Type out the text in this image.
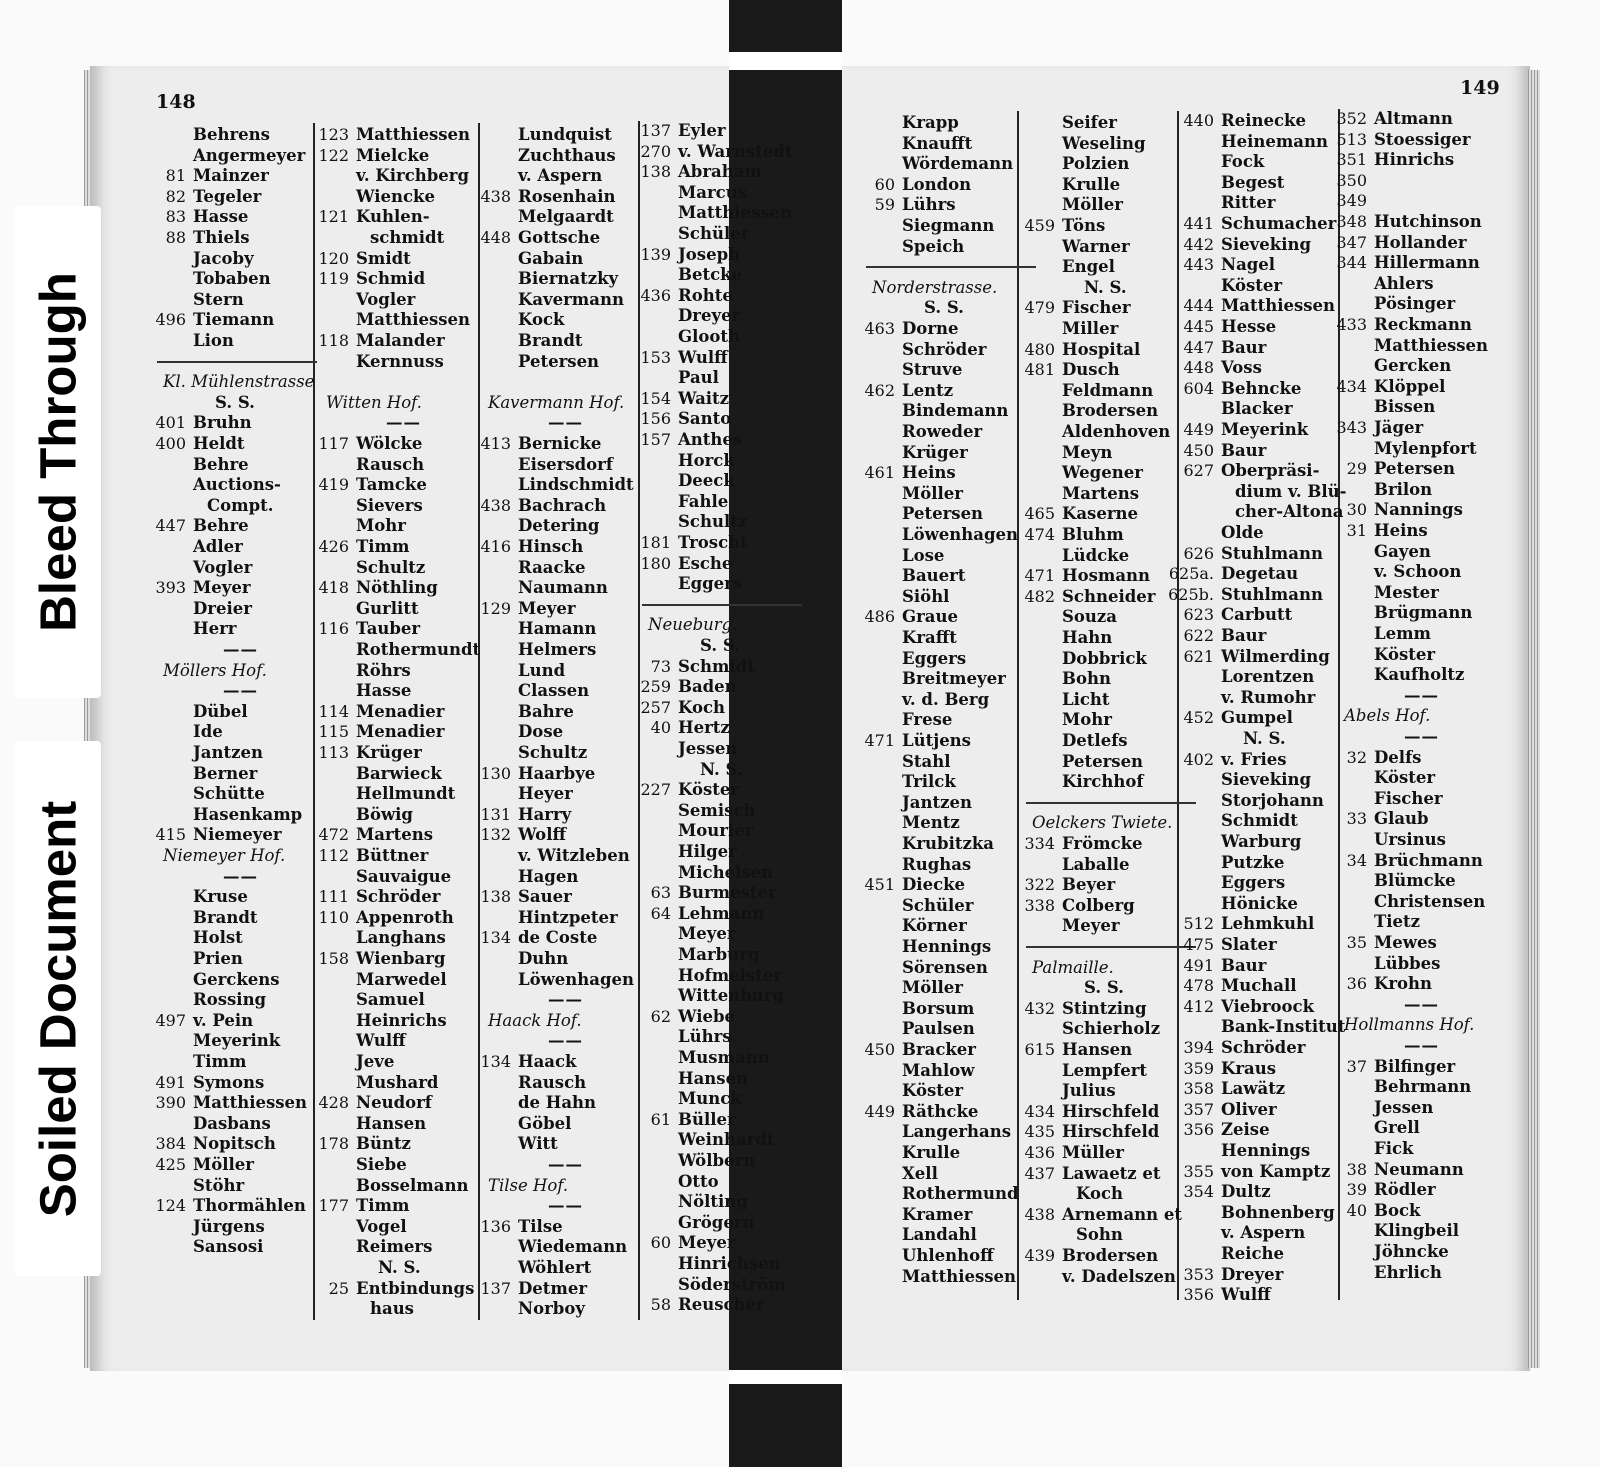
148
149
Bleed Through
Soiled Document
Behrens
Angermeyer
81 Mainzer
82 Tegeler
83 Hasse
88 Thiels
Jacoby
Tobaben
Stern
496 Tiemann
Lion
Kl. Mühlenstrasse
S. S.
401 Bruhn
400 Heldt
Behre
Auctions-
Compt.
447 Behre
Adler
Vogler
393 Meyer
Dreier
Herr
——
Möllers Hof.
——
Dübel
Ide
Jantzen
Berner
Schütte
Hasenkamp
415 Niemeyer
Niemeyer Hof.
——
Kruse
Brandt
Holst
Prien
Gerckens
Rossing
497 v. Pein
Meyerink
Timm
491 Symons
390 Matthiessen
Dasbans
384 Nopitsch
425 Möller
Stöhr
124 Thormählen
Jürgens
Sansosi
123 Matthiessen
122 Mielcke
v. Kirchberg
Wiencke
121 Kuhlen-
schmidt
120 Smidt
119 Schmid
Vogler
Matthiessen
118 Malander
Kernnuss
Witten Hof.
——
117 Wölcke
Rausch
419 Tamcke
Sievers
Mohr
426 Timm
Schultz
418 Nöthling
Gurlitt
116 Tauber
Rothermundt
Röhrs
Hasse
114 Menadier
115 Menadier
113 Krüger
Barwieck
Hellmundt
Böwig
472 Martens
112 Büttner
Sauvaigue
111 Schröder
110 Appenroth
Langhans
158 Wienbarg
Marwedel
Samuel
Heinrichs
Wulff
Jeve
Mushard
428 Neudorf
Hansen
178 Büntz
Siebe
Bosselmann
177 Timm
Vogel
Reimers
N. S.
25 Entbindungs
haus
Lundquist
Zuchthaus
v. Aspern
438 Rosenhain
Melgaardt
448 Gottsche
Gabain
Biernatzky
Kavermann
Kock
Brandt
Petersen
Kavermann Hof.
——
413 Bernicke
Eisersdorf
Lindschmidt
438 Bachrach
Detering
416 Hinsch
Raacke
Naumann
129 Meyer
Hamann
Helmers
Lund
Classen
Bahre
Dose
Schultz
130 Haarbye
Heyer
131 Harry
132 Wolff
v. Witzleben
Hagen
138 Sauer
Hintzpeter
134 de Coste
Duhn
Löwenhagen
——
Haack Hof.
——
134 Haack
Rausch
de Hahn
Göbel
Witt
——
Tilse Hof.
——
136 Tilse
Wiedemann
Wöhlert
137 Detmer
Norboy
137 Eyler
270 v. Warnstedt
138 Abraham
Marcus
Matthiessen
Schüler
139 Joseph
Betcke
436 Rohte
Dreyer
Glooth
153 Wulff
Paul
154 Waitz
156 Santo
157 Anthes
Horck
Deeck
Fahle
Schultz
181 Troscht
180 Esche
Eggers
Neueburg.
S. S.
73 Schmidt
259 Baden
257 Koch
40 Hertz
Jessen
N. S.
227 Köster
Semisch
Mourier
Hilger
Michelsen
63 Burmester
64 Lehmann
Meyer
Marburg
Hofmeister
Wittenburg
62 Wiebe
Lührs
Musmann
Hansen
Munck
61 Büller
Weinhardt
Wölbern
Otto
Nölting
Grögern
60 Meyer
Hinrichsen
Söderström
58 Reuscher
Krapp
Knaufft
Wördemann
60 London
59 Lührs
Siegmann
Speich
Norderstrasse.
S. S.
463 Dorne
Schröder
Struve
462 Lentz
Bindemann
Roweder
Krüger
461 Heins
Möller
Petersen
Löwenhagen
Lose
Bauert
Siöhl
486 Graue
Krafft
Eggers
Breitmeyer
v. d. Berg
Frese
471 Lütjens
Stahl
Trilck
Jantzen
Mentz
Krubitzka
Rughas
451 Diecke
Schüler
Körner
Hennings
Sörensen
Möller
Borsum
Paulsen
450 Bracker
Mahlow
Köster
449 Räthcke
Langerhans
Krulle
Xell
Rothermund
Kramer
Landahl
Uhlenhoff
Matthiessen
Seifer
Weseling
Polzien
Krulle
Möller
459 Töns
Warner
Engel
N. S.
479 Fischer
Miller
480 Hospital
481 Dusch
Feldmann
Brodersen
Aldenhoven
Meyn
Wegener
Martens
465 Kaserne
474 Bluhm
Lüdcke
471 Hosmann
482 Schneider
Souza
Hahn
Dobbrick
Bohn
Licht
Mohr
Detlefs
Petersen
Kirchhof
Oelckers Twiete.
334 Frömcke
Laballe
322 Beyer
338 Colberg
Meyer
Palmaille.
S. S.
432 Stintzing
Schierholz
615 Hansen
Lempfert
Julius
434 Hirschfeld
435 Hirschfeld
436 Müller
437 Lawaetz et
Koch
438 Arnemann et
Sohn
439 Brodersen
v. Dadelszen
440 Reinecke
Heinemann
Fock
Begest
Ritter
441 Schumacher
442 Sieveking
443 Nagel
Köster
444 Matthiessen
445 Hesse
447 Baur
448 Voss
604 Behncke
Blacker
449 Meyerink
450 Baur
627 Oberpräsi-
dium v. Blü-
cher-Altona
Olde
626 Stuhlmann
625a. Degetau
625b. Stuhlmann
623 Carbutt
622 Baur
621 Wilmerding
Lorentzen
v. Rumohr
452 Gumpel
N. S.
402 v. Fries
Sieveking
Storjohann
Schmidt
Warburg
Putzke
Eggers
Hönicke
512 Lehmkuhl
475 Slater
491 Baur
478 Muchall
412 Viebroock
Bank-Institut
394 Schröder
359 Kraus
358 Lawätz
357 Oliver
356 Zeise
Hennings
355 von Kamptz
354 Dultz
Bohnenberg
v. Aspern
Reiche
353 Dreyer
356 Wulff
352 Altmann
513 Stoessiger
351 Hinrichs
350
349
348 Hutchinson
347 Hollander
344 Hillermann
Ahlers
Pösinger
433 Reckmann
Matthiessen
Gercken
434 Klöppel
Bissen
343 Jäger
Mylenpfort
29 Petersen
Brilon
30 Nannings
31 Heins
Gayen
v. Schoon
Mester
Brügmann
Lemm
Köster
Kaufholtz
——
Abels Hof.
——
32 Delfs
Köster
Fischer
33 Glaub
Ursinus
34 Brüchmann
Blümcke
Christensen
Tietz
35 Mewes
Lübbes
36 Krohn
——
Hollmanns Hof.
——
37 Bilfinger
Behrmann
Jessen
Grell
Fick
38 Neumann
39 Rödler
40 Bock
Klingbeil
Jöhncke
Ehrlich
